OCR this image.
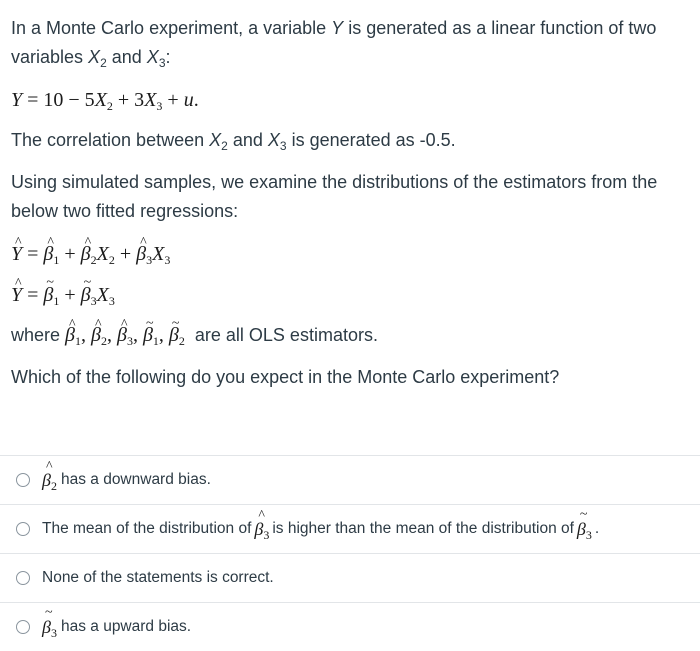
In a Monte Carlo experiment, a variable Y is generated as a linear function of two variables $X_2$ and $X_3$:

$Y = 10 - 5X_2 + 3X_3 + u$.

The correlation between $X_2$ and $X_3$ is generated as -0.5.

Using simulated samples, we examine the distributions of the estimators from the below two fitted regressions:

^ Y = ^ $\beta_1$ + ^ $\beta_2X_2$ + ^ $\beta_3X_3$
^ Y = ~ $\beta_1$ + ~ $\beta_3X_3$

where ^ $\beta_1$, ^ $\beta_2$, ^ $\beta_3$, ~ $\beta_1$, ~ $\beta_2$ are all OLS estimators.

Which of the following do you expect in the Monte Carlo experiment?

^ $\beta_2$ has a downward bias.
The mean of the distribution of ^ $\beta_3$ is higher than the mean of the distribution of ~ $\beta_3$ .
None of the statements is correct.
~ $\beta_3$ has a upward bias.
